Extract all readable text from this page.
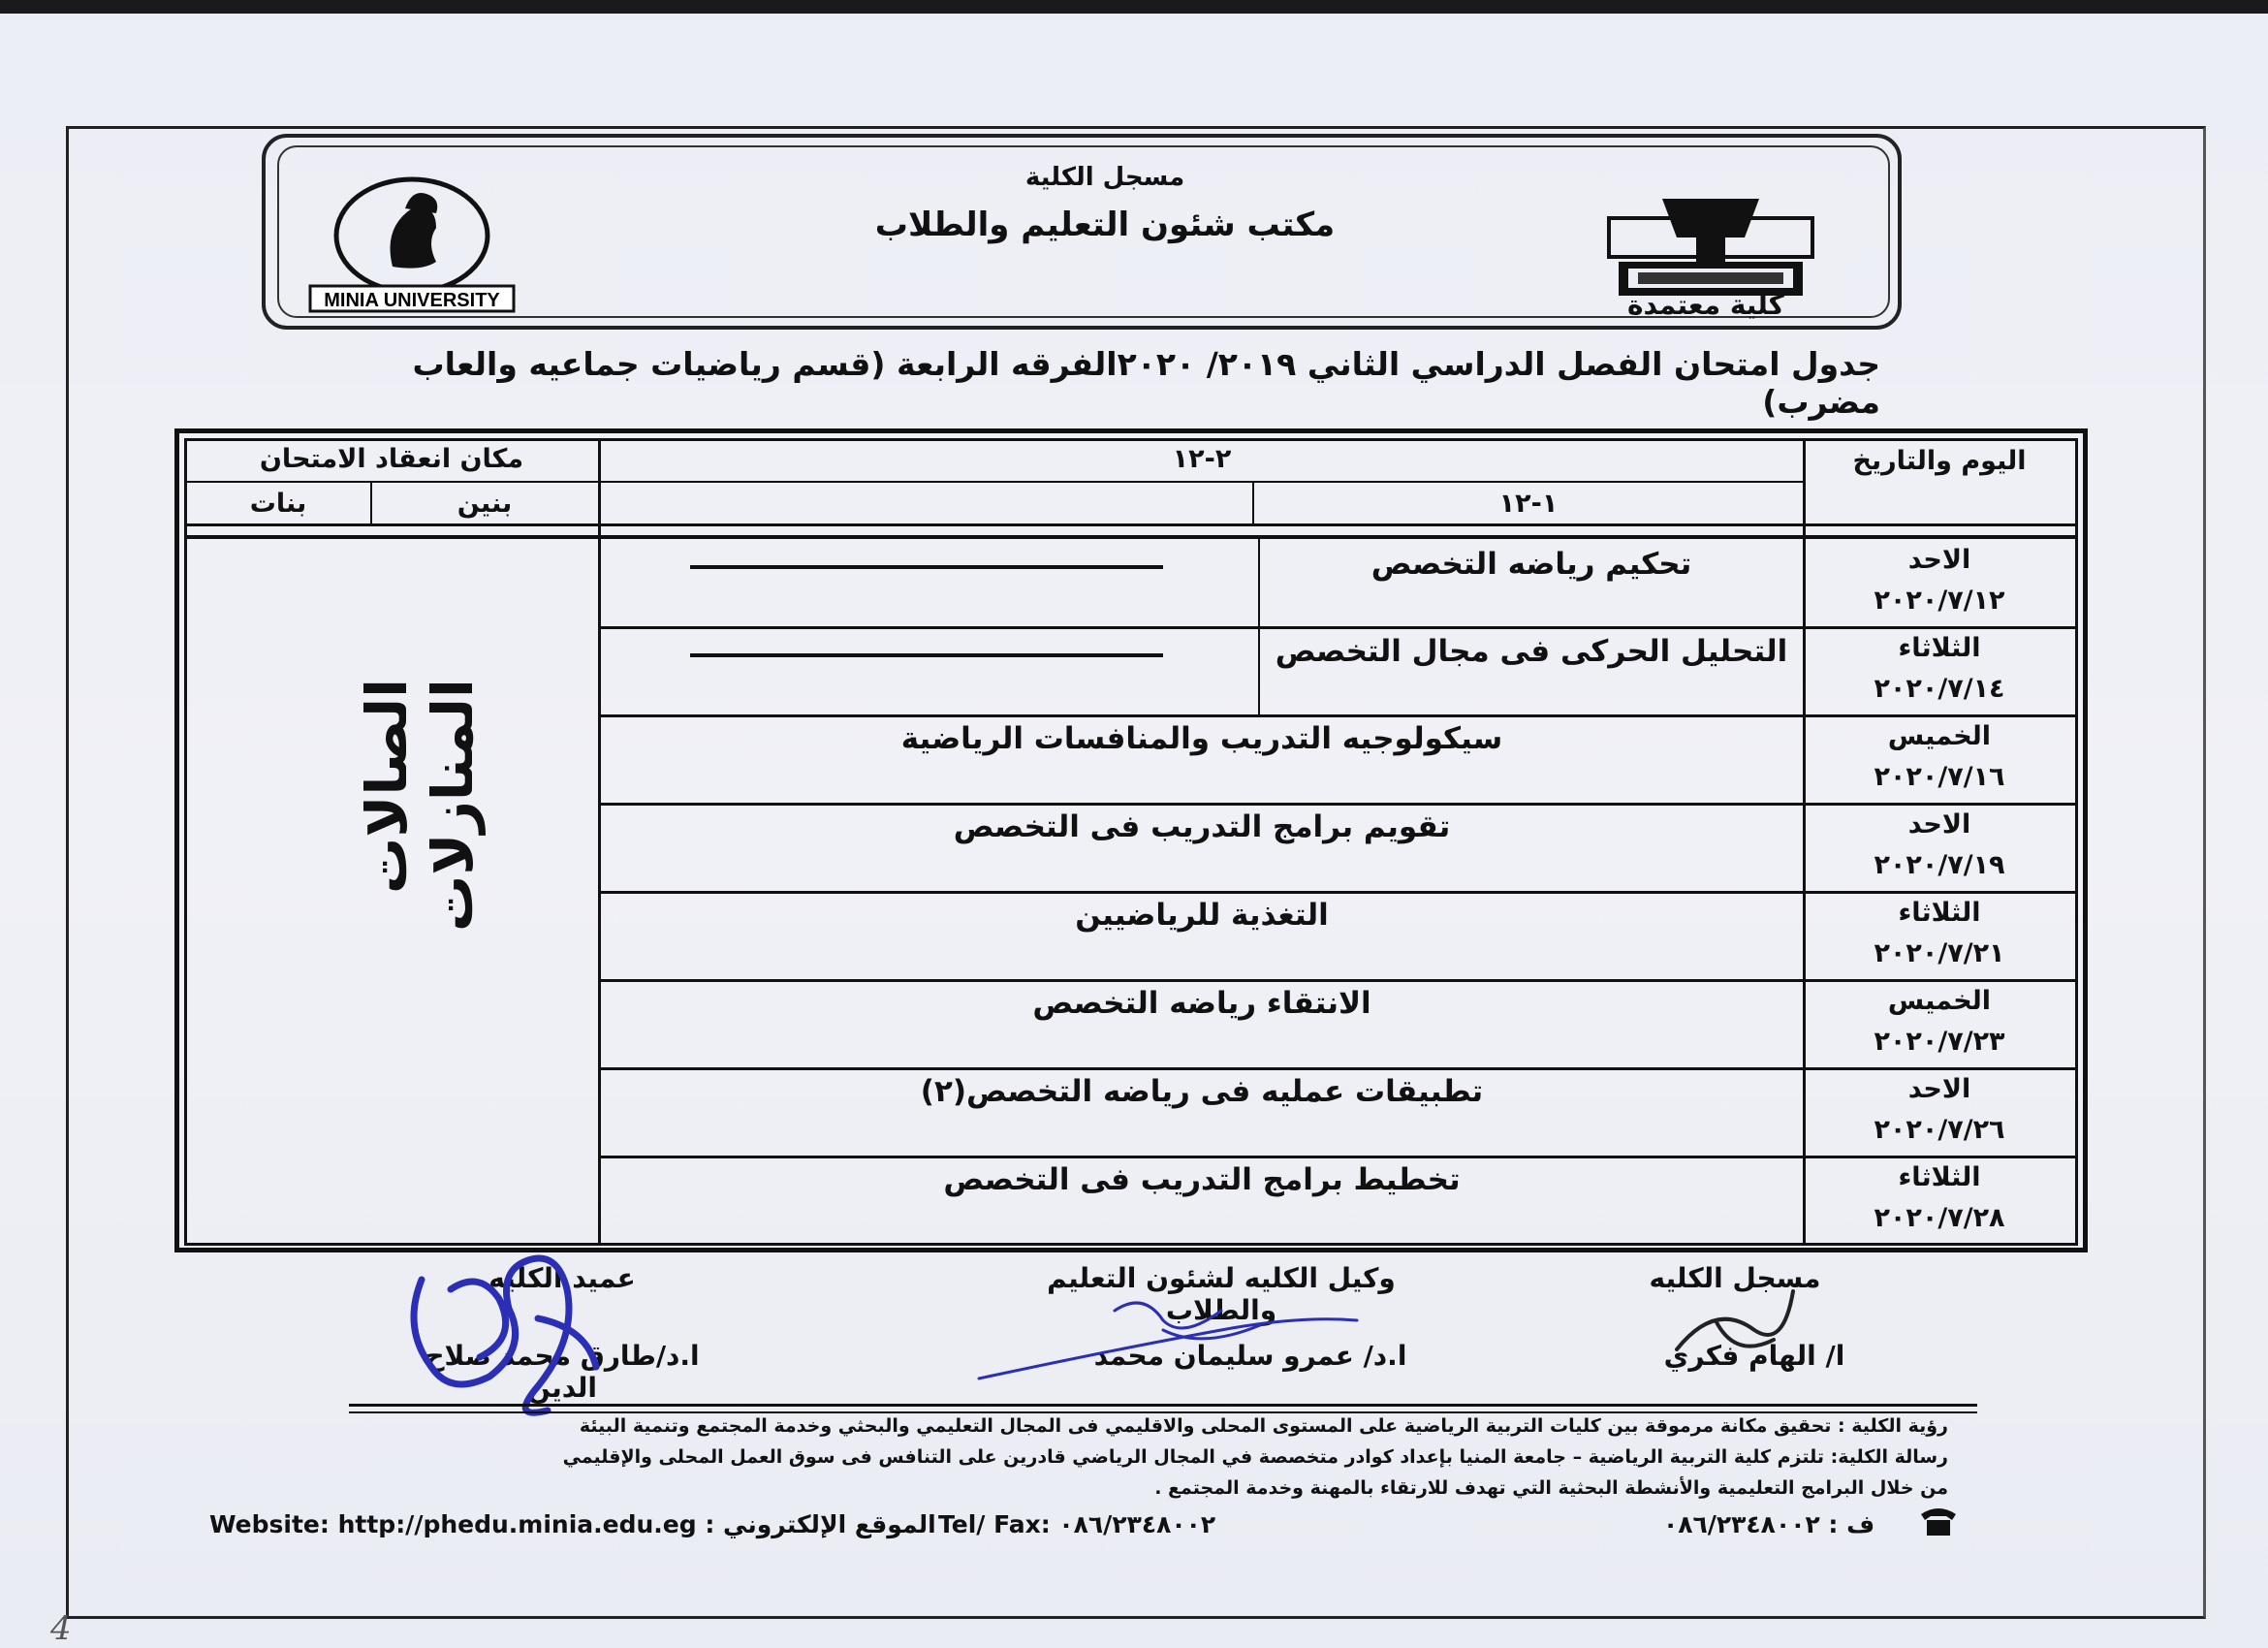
MINIA UNIVERSITY
مسجل الكلية
مكتب شئون التعليم والطلاب
كلية معتمدة
جدول امتحان الفصل الدراسي الثاني ٢٠١٩/ ٢٠٢٠الفرقه الرابعة (قسم رياضيات جماعيه والعاب مضرب)
اليوم والتاريخ
٢-١٢
١-١٢
مكان انعقاد الامتحان
بنين
بنات
الاحد
٢٠٢٠/٧/١٢
تحكيم رياضه التخصص
الثلاثاء
٢٠٢٠/٧/١٤
التحليل الحركى فى مجال التخصص
الخميس
٢٠٢٠/٧/١٦
سيكولوجيه التدريب والمنافسات الرياضية
الاحد
٢٠٢٠/٧/١٩
تقويم برامج التدريب فى التخصص
الثلاثاء
٢٠٢٠/٧/٢١
التغذية للرياضيين
الخميس
٢٠٢٠/٧/٢٣
الانتقاء رياضه التخصص
الاحد
٢٠٢٠/٧/٢٦
تطبيقات عمليه فى رياضه التخصص(٢)
الثلاثاء
٢٠٢٠/٧/٢٨
تخطيط برامج التدريب فى التخصص
الصالات المنازلات
مسجل الكليه
ا/ الهام فكري
وكيل الكليه لشئون التعليم والطلاب
ا.د/ عمرو سليمان محمد
عميد الكليه
ا.د/طارق محمد صلاح الدين
رؤية الكلية : تحقيق مكانة مرموقة بين كليات التربية الرياضية على المستوى المحلى والاقليمي فى المجال التعليمي والبحثي وخدمة المجتمع وتنمية البيئة
رسالة الكلية: تلتزم كلية التربية الرياضية – جامعة المنيا بإعداد كوادر متخصصة في المجال الرياضي قادرين على التنافس فى سوق العمل المحلى والإقليمي
من خلال البرامج التعليمية والأنشطة البحثية التي تهدف للارتقاء بالمهنة وخدمة المجتمع .
Website: http://phedu.minia.edu.eg : الموقع الإلكتروني Tel/ Fax: ٠٨٦/٢٣٤٨٠٠٢	ف : ٠٨٦/٢٣٤٨٠٠٢
4
